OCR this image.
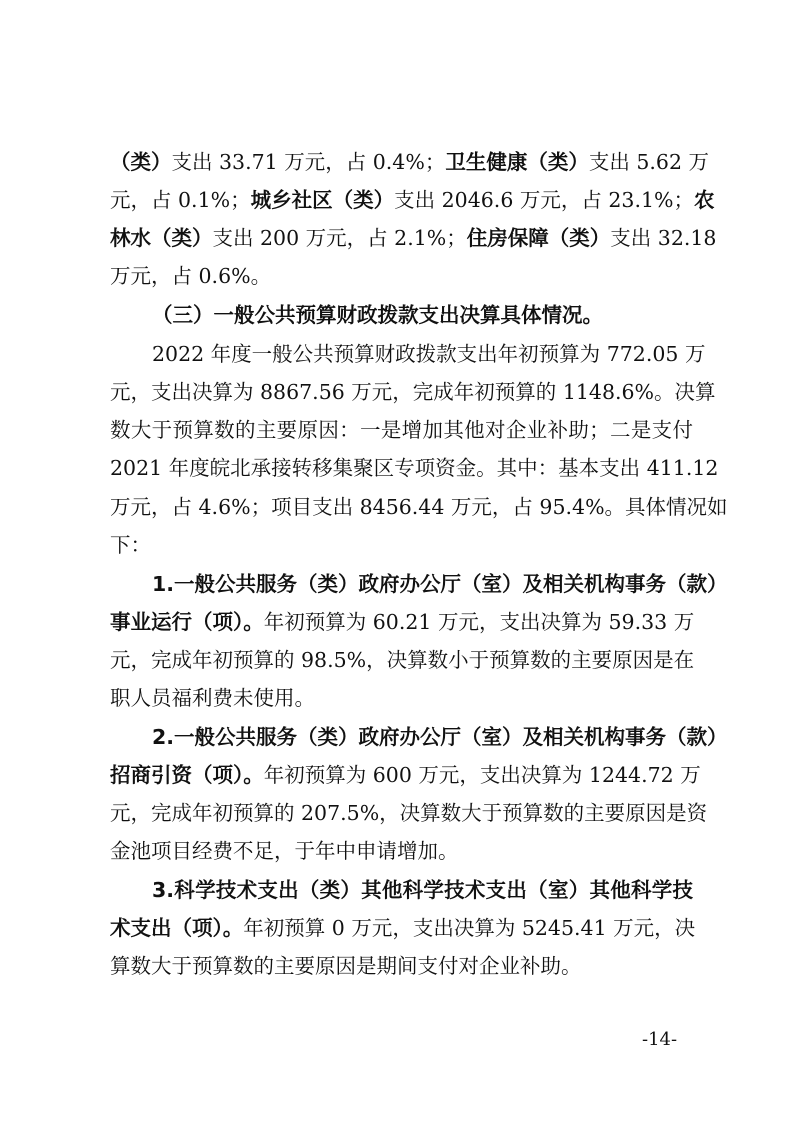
（类）支出 33.71 万元，占 0.4%；卫生健康（类）支出 5.62 万
元，占 0.1%；城乡社区（类）支出 2046.6 万元，占 23.1%；农
林水（类）支出 200 万元，占 2.1%；住房保障（类）支出 32.18
万元，占 0.6%。
（三）一般公共预算财政拨款支出决算具体情况。
2022 年度一般公共预算财政拨款支出年初预算为 772.05 万
元，支出决算为 8867.56 万元，完成年初预算的 1148.6%。决算
数大于预算数的主要原因：一是增加其他对企业补助；二是支付
2021 年度皖北承接转移集聚区专项资金。其中：基本支出 411.12
万元，占 4.6%；项目支出 8456.44 万元，占 95.4%。具体情况如
下：
1.一般公共服务（类）政府办公厅（室）及相关机构事务（款）
事业运行（项）。年初预算为 60.21 万元，支出决算为 59.33 万
元，完成年初预算的 98.5%，决算数小于预算数的主要原因是在
职人员福利费未使用。
2.一般公共服务（类）政府办公厅（室）及相关机构事务（款）
招商引资（项）。年初预算为 600 万元，支出决算为 1244.72 万
元，完成年初预算的 207.5%，决算数大于预算数的主要原因是资
金池项目经费不足，于年中申请增加。
3.科学技术支出（类）其他科学技术支出（室）其他科学技
术支出（项）。年初预算 0 万元，支出决算为 5245.41 万元，决
算数大于预算数的主要原因是期间支付对企业补助。
-14-
